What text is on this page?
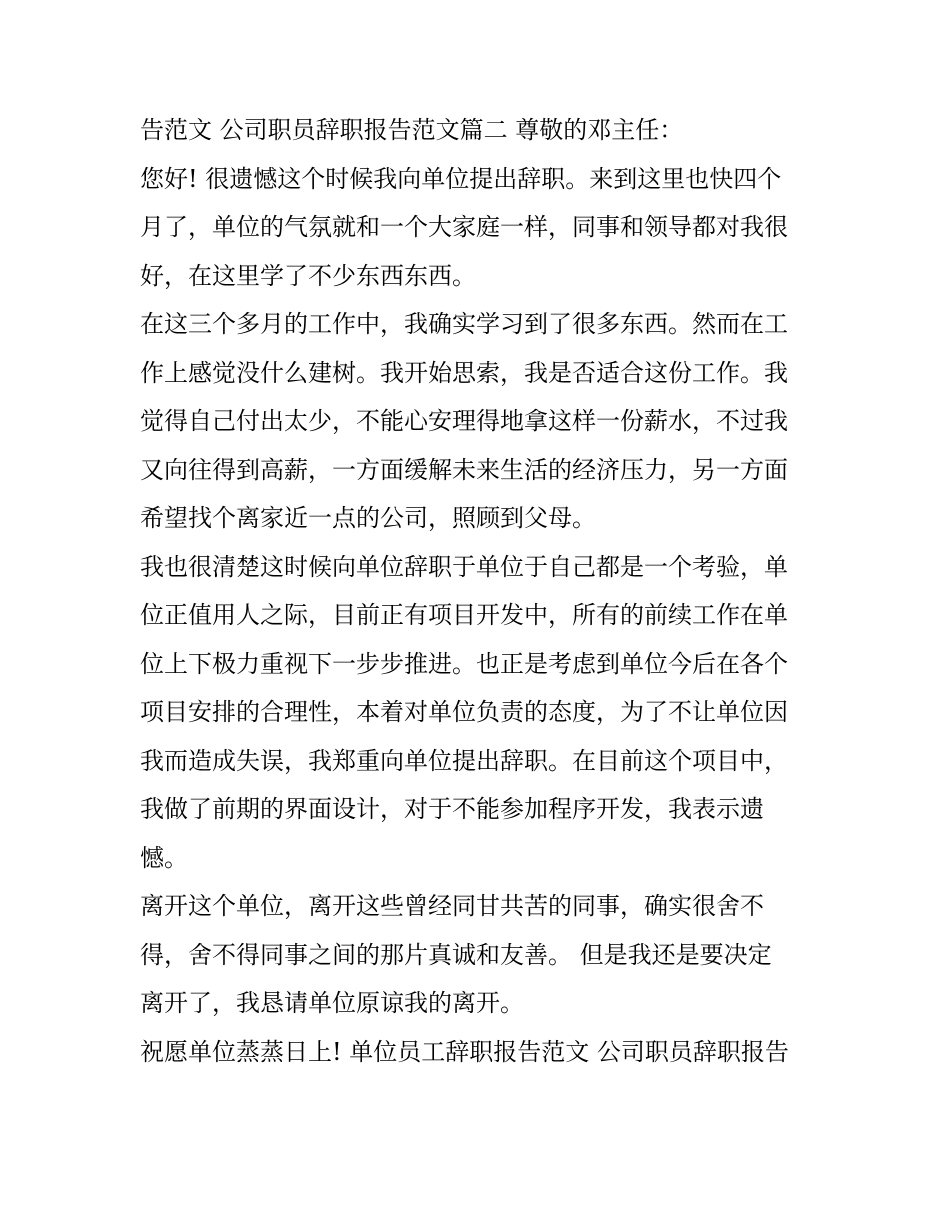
告范文 公司职员辞职报告范文篇二 尊敬的邓主任：
您好! 很遗憾这个时候我向单位提出辞职。来到这里也快四个
月了，单位的气氛就和一个大家庭一样，同事和领导都对我很
好，在这里学了不少东西东西。
在这三个多月的工作中，我确实学习到了很多东西。然而在工
作上感觉没什么建树。我开始思索，我是否适合这份工作。我
觉得自己付出太少，不能心安理得地拿这样一份薪水，不过我
又向往得到高薪，一方面缓解未来生活的经济压力，另一方面
希望找个离家近一点的公司，照顾到父母。
我也很清楚这时候向单位辞职于单位于自己都是一个考验，单
位正值用人之际，目前正有项目开发中，所有的前续工作在单
位上下极力重视下一步步推进。也正是考虑到单位今后在各个
项目安排的合理性，本着对单位负责的态度，为了不让单位因
我而造成失误，我郑重向单位提出辞职。在目前这个项目中，
我做了前期的界面设计，对于不能参加程序开发，我表示遗
憾。
离开这个单位，离开这些曾经同甘共苦的同事，确实很舍不
得，舍不得同事之间的那片真诚和友善。 但是我还是要决定
离开了，我恳请单位原谅我的离开。
祝愿单位蒸蒸日上! 单位员工辞职报告范文 公司职员辞职报告
